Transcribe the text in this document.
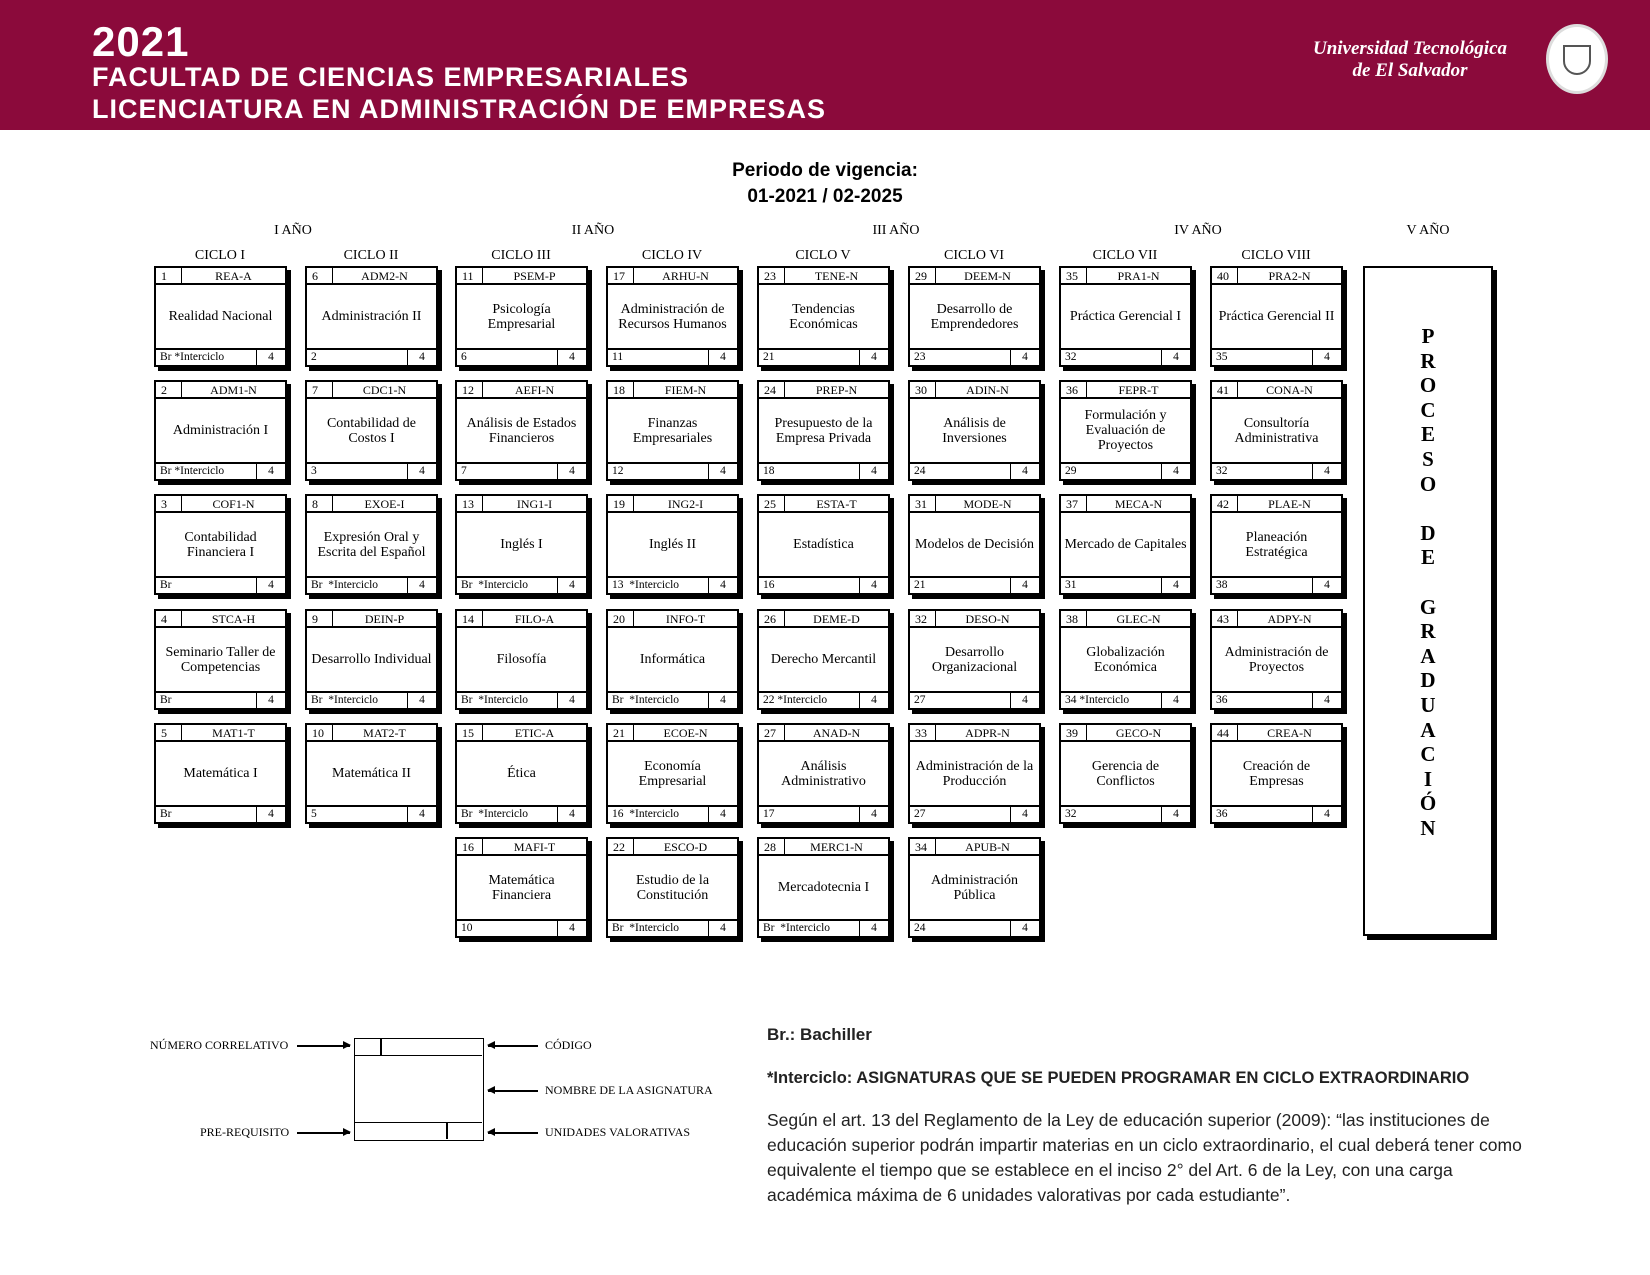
2021
FACULTAD DE CIENCIAS EMPRESARIALES
LICENCIATURA EN ADMINISTRACIÓN DE EMPRESAS
Universidad Tecnológica
de El Salvador
Periodo de vigencia:
01-2021 / 02-2025
I AÑO	II AÑO	III AÑO	IV AÑO	V AÑO
CICLO I	CICLO II	CICLO III	CICLO IV	CICLO V	CICLO VI	CICLO VII	CICLO VIII
1	REA-A
Realidad Nacional
Br *Interciclo	4
2	ADM1-N
Administración I
Br *Interciclo	4
3	COF1-N
Contabilidad Financiera I
Br	4
4	STCA-H
Seminario Taller de Competencias
Br	4
5	MAT1-T
Matemática I
Br	4
6	ADM2-N
Administración II
2	4
7	CDC1-N
Contabilidad de Costos I
3	4
8	EXOE-I
Expresión Oral y Escrita del Español
Br  *Interciclo	4
9	DEIN-P
Desarrollo Individual
Br  *Interciclo	4
10	MAT2-T
Matemática II
5	4
11	PSEM-P
Psicología Empresarial
6	4
12	AEFI-N
Análisis de Estados Financieros
7	4
13	ING1-I
Inglés I
Br  *Interciclo	4
14	FILO-A
Filosofía
Br  *Interciclo	4
15	ETIC-A
Ética
Br  *Interciclo	4
16	MAFI-T
Matemática Financiera
10	4
17	ARHU-N
Administración de Recursos Humanos
11	4
18	FIEM-N
Finanzas Empresariales
12	4
19	ING2-I
Inglés II
13  *Interciclo	4
20	INFO-T
Informática
Br  *Interciclo	4
21	ECOE-N
Economía Empresarial
16  *Interciclo	4
22	ESCO-D
Estudio de la Constitución
Br  *Interciclo	4
23	TENE-N
Tendencias Económicas
21	4
24	PREP-N
Presupuesto de la Empresa Privada
18	4
25	ESTA-T
Estadística
16	4
26	DEME-D
Derecho Mercantil
22 *Interciclo	4
27	ANAD-N
Análisis Administrativo
17	4
28	MERC1-N
Mercadotecnia I
Br  *Interciclo	4
29	DEEM-N
Desarrollo de Emprendedores
23	4
30	ADIN-N
Análisis de Inversiones
24	4
31	MODE-N
Modelos de Decisión
21	4
32	DESO-N
Desarrollo Organizacional
27	4
33	ADPR-N
Administración de la Producción
27	4
34	APUB-N
Administración Pública
24	4
35	PRA1-N
Práctica Gerencial I
32	4
36	FEPR-T
Formulación y Evaluación de Proyectos
29	4
37	MECA-N
Mercado de Capitales
31	4
38	GLEC-N
Globalización Económica
34 *Interciclo	4
39	GECO-N
Gerencia de Conflictos
32	4
40	PRA2-N
Práctica Gerencial II
35	4
41	CONA-N
Consultoría Administrativa
32	4
42	PLAE-N
Planeación Estratégica
38	4
43	ADPY-N
Administración de Proyectos
36	4
44	CREA-N
Creación de Empresas
36	4
P
R
O
C
E
S
O

D
E

G
R
A
D
U
A
C
I
Ó
N
NÚMERO CORRELATIVO	CÓDIGO
NOMBRE DE LA ASIGNATURA
PRE-REQUISITO	UNIDADES VALORATIVAS
Br.: Bachiller
*Interciclo: ASIGNATURAS QUE SE PUEDEN PROGRAMAR EN CICLO EXTRAORDINARIO
Según el art. 13 del Reglamento de la Ley de educación superior (2009): “las instituciones de educación superior podrán impartir materias en un ciclo extraordinario, el cual deberá tener como equivalente el tiempo que se establece en el inciso 2° del Art. 6 de la Ley, con una carga académica máxima de 6 unidades valorativas por cada estudiante”.
